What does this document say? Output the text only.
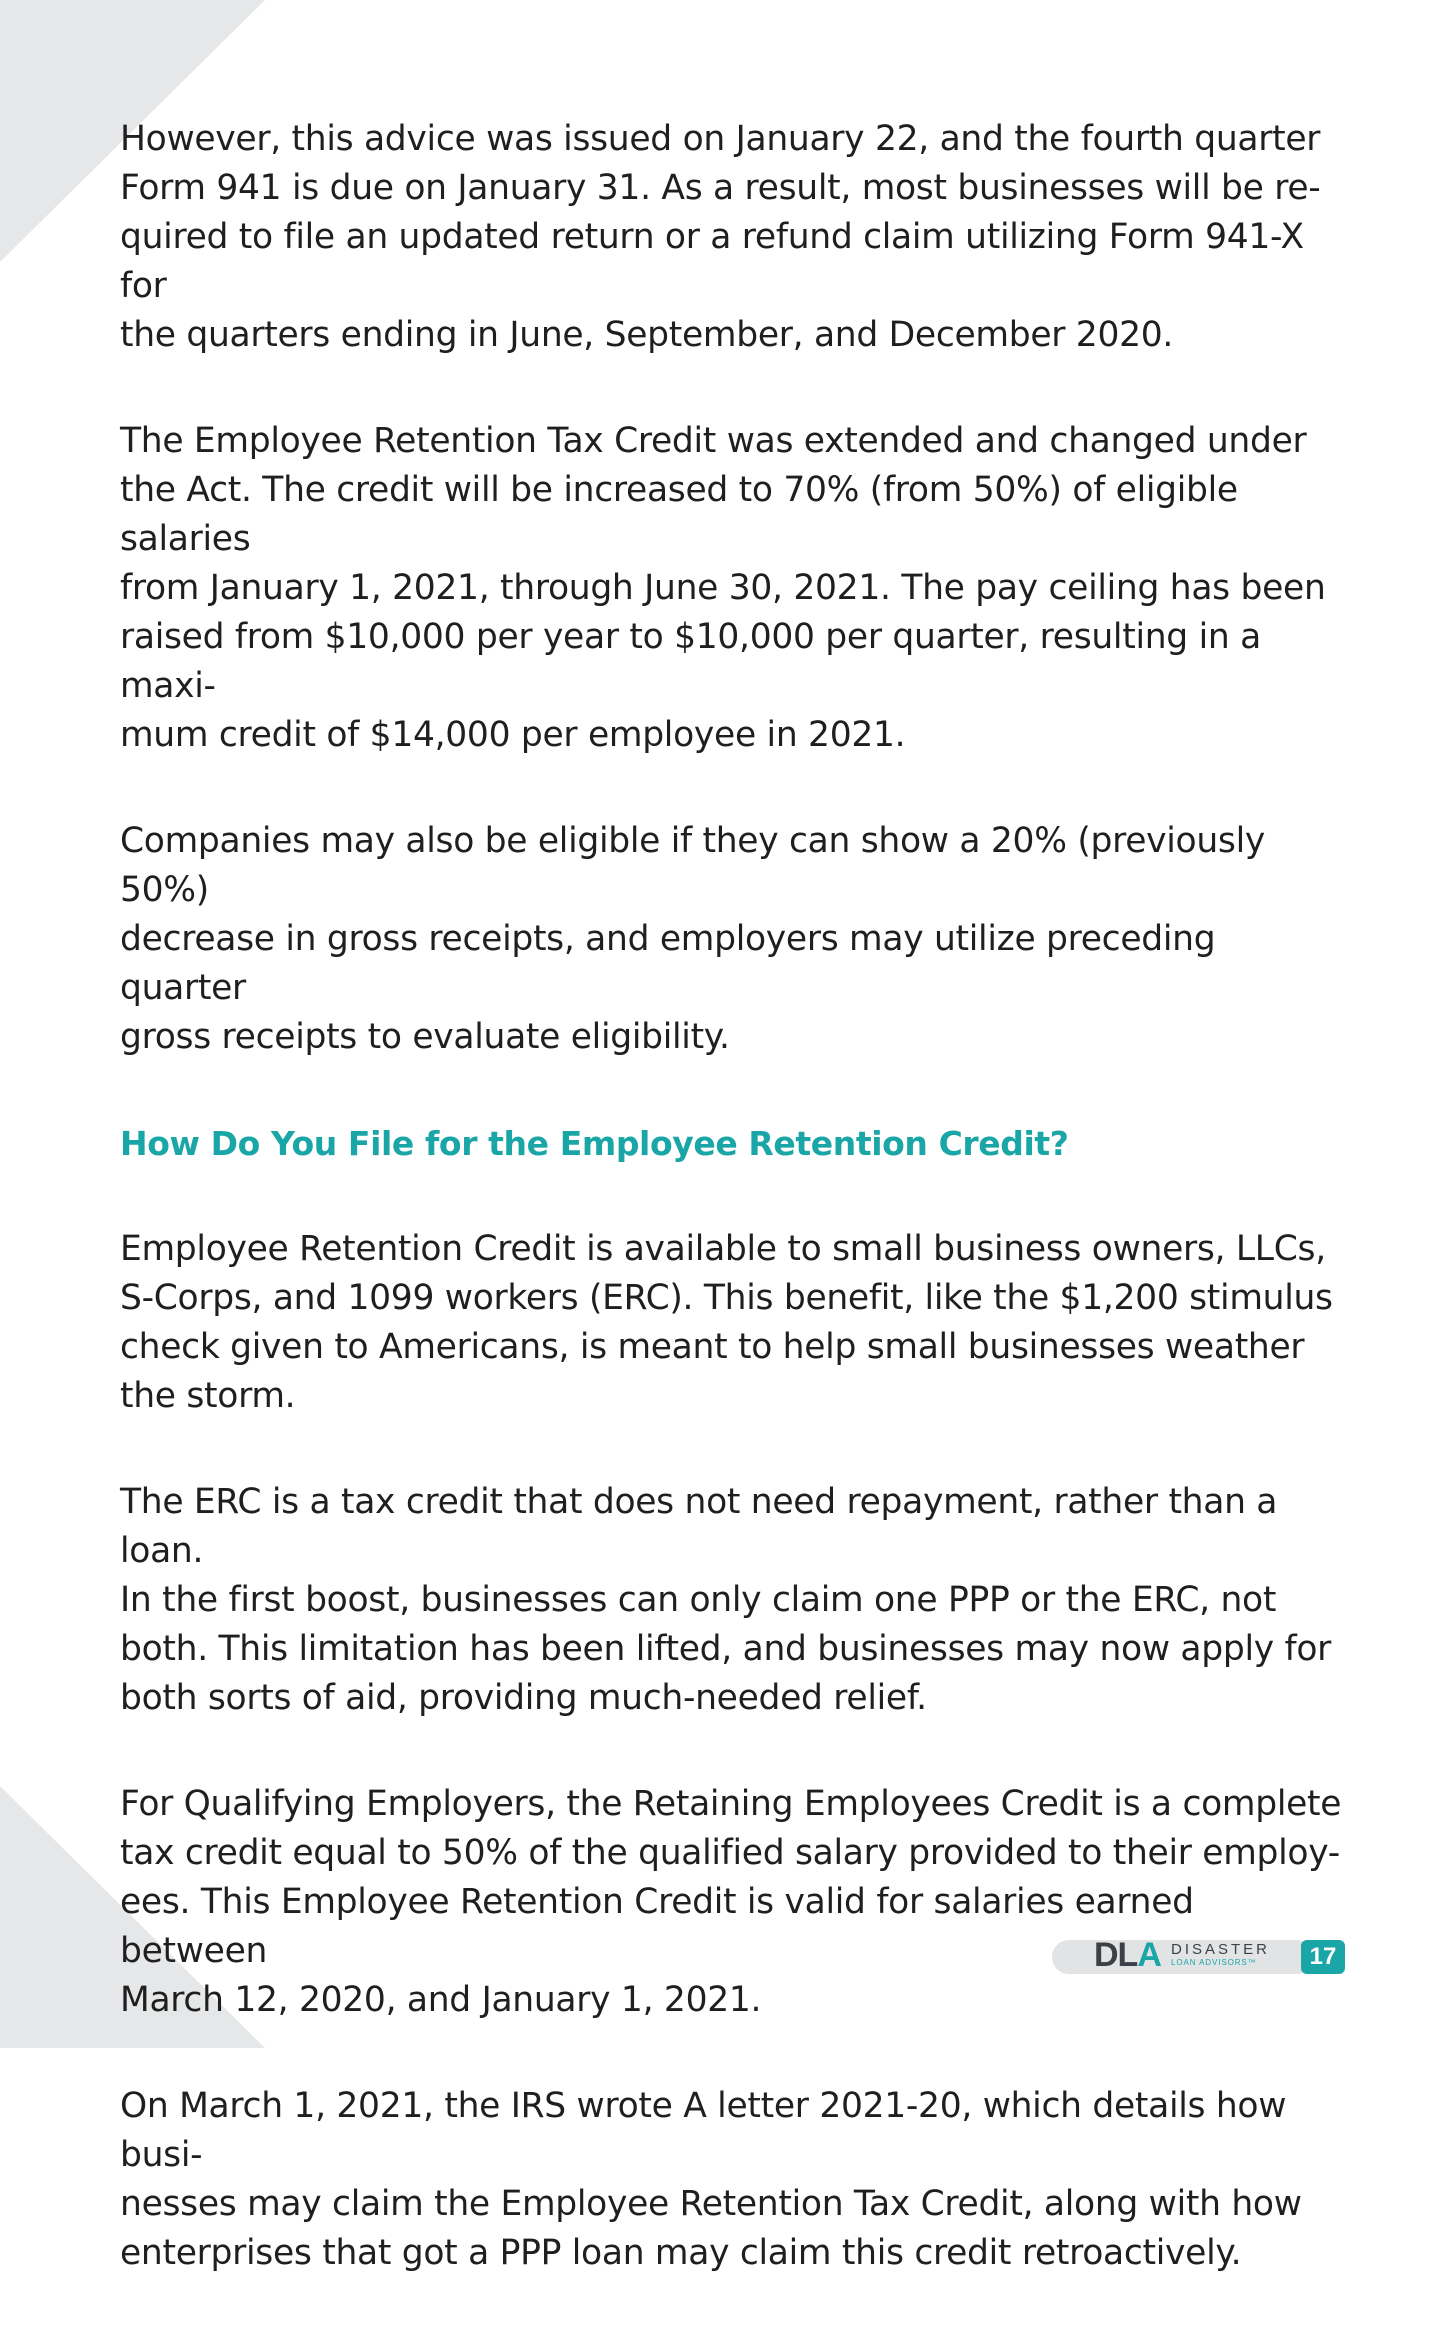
However, this advice was issued on January 22, and the fourth quarter
Form 941 is due on January 31. As a result, most businesses will be re-
quired to file an updated return or a refund claim utilizing Form 941-X for
the quarters ending in June, September, and December 2020.

The Employee Retention Tax Credit was extended and changed under
the Act. The credit will be increased to 70% (from 50%) of eligible salaries
from January 1, 2021, through June 30, 2021. The pay ceiling has been
raised from $10,000 per year to $10,000 per quarter, resulting in a maxi-
mum credit of $14,000 per employee in 2021.

Companies may also be eligible if they can show a 20% (previously 50%)
decrease in gross receipts, and employers may utilize preceding quarter
gross receipts to evaluate eligibility.

How Do You File for the Employee Retention Credit?

Employee Retention Credit is available to small business owners, LLCs,
S-Corps, and 1099 workers (ERC). This benefit, like the $1,200 stimulus
check given to Americans, is meant to help small businesses weather
the storm.

The ERC is a tax credit that does not need repayment, rather than a loan.
In the first boost, businesses can only claim one PPP or the ERC, not
both. This limitation has been lifted, and businesses may now apply for
both sorts of aid, providing much-needed relief.

For Qualifying Employers, the Retaining Employees Credit is a complete
tax credit equal to 50% of the qualified salary provided to their employ-
ees. This Employee Retention Credit is valid for salaries earned between
March 12, 2020, and January 1, 2021.

On March 1, 2021, the IRS wrote A letter 2021-20, which details how busi-
nesses may claim the Employee Retention Tax Credit, along with how
enterprises that got a PPP loan may claim this credit retroactively.

DLA DISASTER
LOAN ADVISORS™	17
